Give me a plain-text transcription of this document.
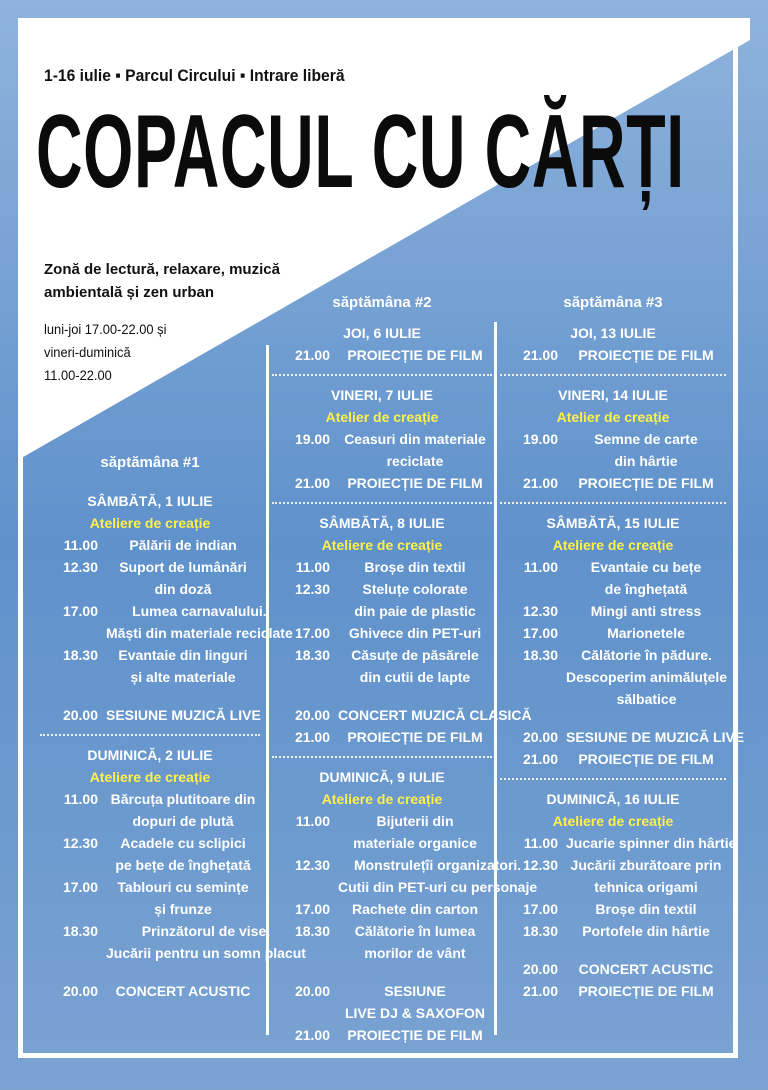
1-16 iulie ▪ Parcul Circului ▪ Intrare liberă
COPACUL CU CĂRȚI
Zonă de lectură, relaxare, muzică
ambientală și zen urban
luni-joi 17.00-22.00 și
vineri-duminică
11.00-22.00
săptămâna #1
SÂMBĂTĂ, 1 IULIE
Ateliere de creație
11.00	Pălării de indian
12.30	Suport de lumânări
din doză
17.00	Lumea carnavalului.
Măști din materiale reciclate
18.30	Evantaie din linguri
și alte materiale
20.00 SESIUNE MUZICĂ LIVE
DUMINICĂ, 2 IULIE
Ateliere de creație
11.00 Bărcuța plutitoare din
dopuri de plută
12.30	Acadele cu sclipici
pe bețe de înghețată
17.00	Tablouri cu semințe
și frunze
18.30	Prinzătorul de vise.
Jucării pentru un somn placut
20.00	CONCERT ACUSTIC
săptămâna #2
JOI, 6 IULIE
21.00	PROIECȚIE DE FILM
VINERI, 7 IULIE
Atelier de creație
19.00	Ceasuri din materiale
reciclate
21.00	PROIECȚIE DE FILM
SÂMBĂTĂ, 8 IULIE
Ateliere de creație
11.00	Broșe din textil
12.30	Steluțe colorate
din paie de plastic
17.00	Ghivece din PET-uri
18.30	Căsuțe de păsărele
din cutii de lapte
20.00 CONCERT MUZICĂ CLASICĂ
21.00	PROIECȚIE DE FILM
DUMINICĂ, 9 IULIE
Ateliere de creație
11.00	Bijuterii din
materiale organice
12.30	Monstrulețîi organizatori.
Cutii din PET-uri cu personaje
17.00	Rachete din carton
18.30	Călătorie în lumea
morilor de vânt
20.00	SESIUNE
LIVE DJ & SAXOFON
21.00	PROIECȚIE DE FILM
săptămâna #3
JOI, 13 IULIE
21.00	PROIECȚIE DE FILM
VINERI, 14 IULIE
Atelier de creație
19.00	Semne de carte
din hârtie
21.00	PROIECȚIE DE FILM
SÂMBĂTĂ, 15 IULIE
Ateliere de creație
11.00	Evantaie cu bețe
de înghețată
12.30	Mingi anti stress
17.00	Marionetele
18.30	Călătorie în pădure.
Descoperim animăluțele
sălbatice
20.00 SESIUNE DE MUZICĂ LIVE
21.00	PROIECȚIE DE FILM
DUMINICĂ, 16 IULIE
Ateliere de creație
11.00 Jucarie spinner din hârtie
12.30 Jucării zburătoare prin
tehnica origami
17.00	Broșe din textil
18.30	Portofele din hârtie
20.00	CONCERT ACUSTIC
21.00	PROIECȚIE DE FILM
